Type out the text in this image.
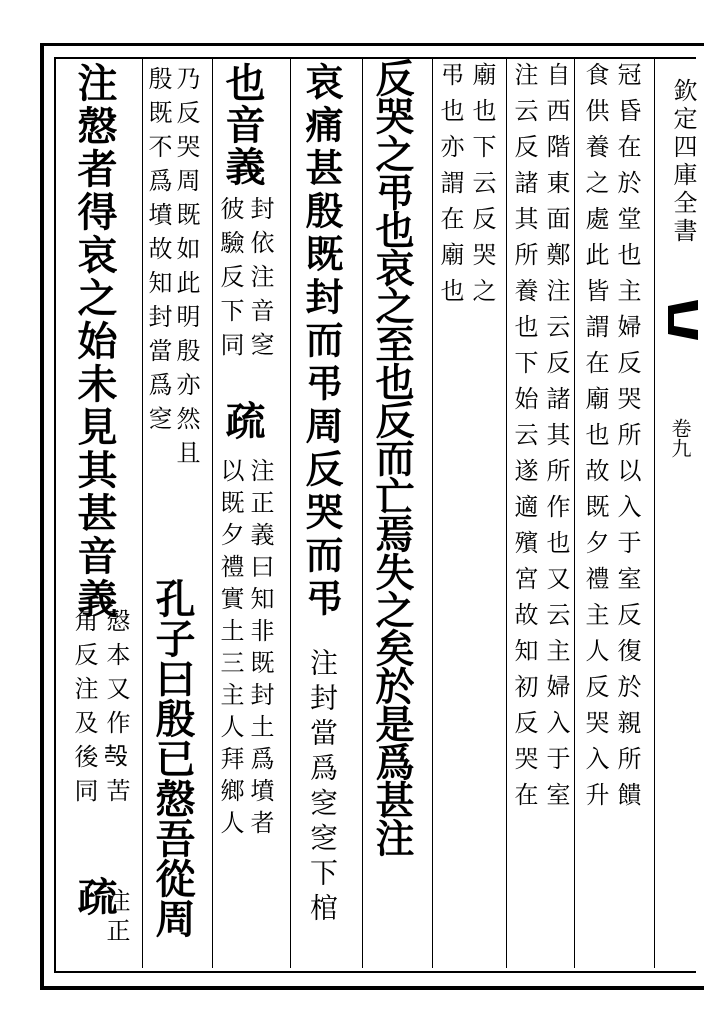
欽定四庫全書
卷九
冠昏在於堂也主婦反哭所以入于室反復於親所饋
食供養之處此皆謂在廟也故既夕禮主人反哭入升
自西階東面鄭注云反諸其所作也又云主婦入于室
注云反諸其所養也下始云遂適殯宮故知初反哭在
廟也下云反哭之
弔也亦謂在廟也
反哭之弔也哀之至也反而亡焉失之矣於是爲甚注
哀痛甚殷既封而弔周反哭而弔
注封當爲窆窆下棺
也音義
封依注音窆
彼驗反下同
疏
注正義曰知非既封土爲墳者
以既夕禮實土三主人拜鄉人
乃反哭周既如此明殷亦然且
殷既不爲墳故知封當爲窆
孔子曰殷已慤吾從周
注慤者得哀之始未見其甚音義
慤本又作𣪊苦
角反注及後同
疏
注正
